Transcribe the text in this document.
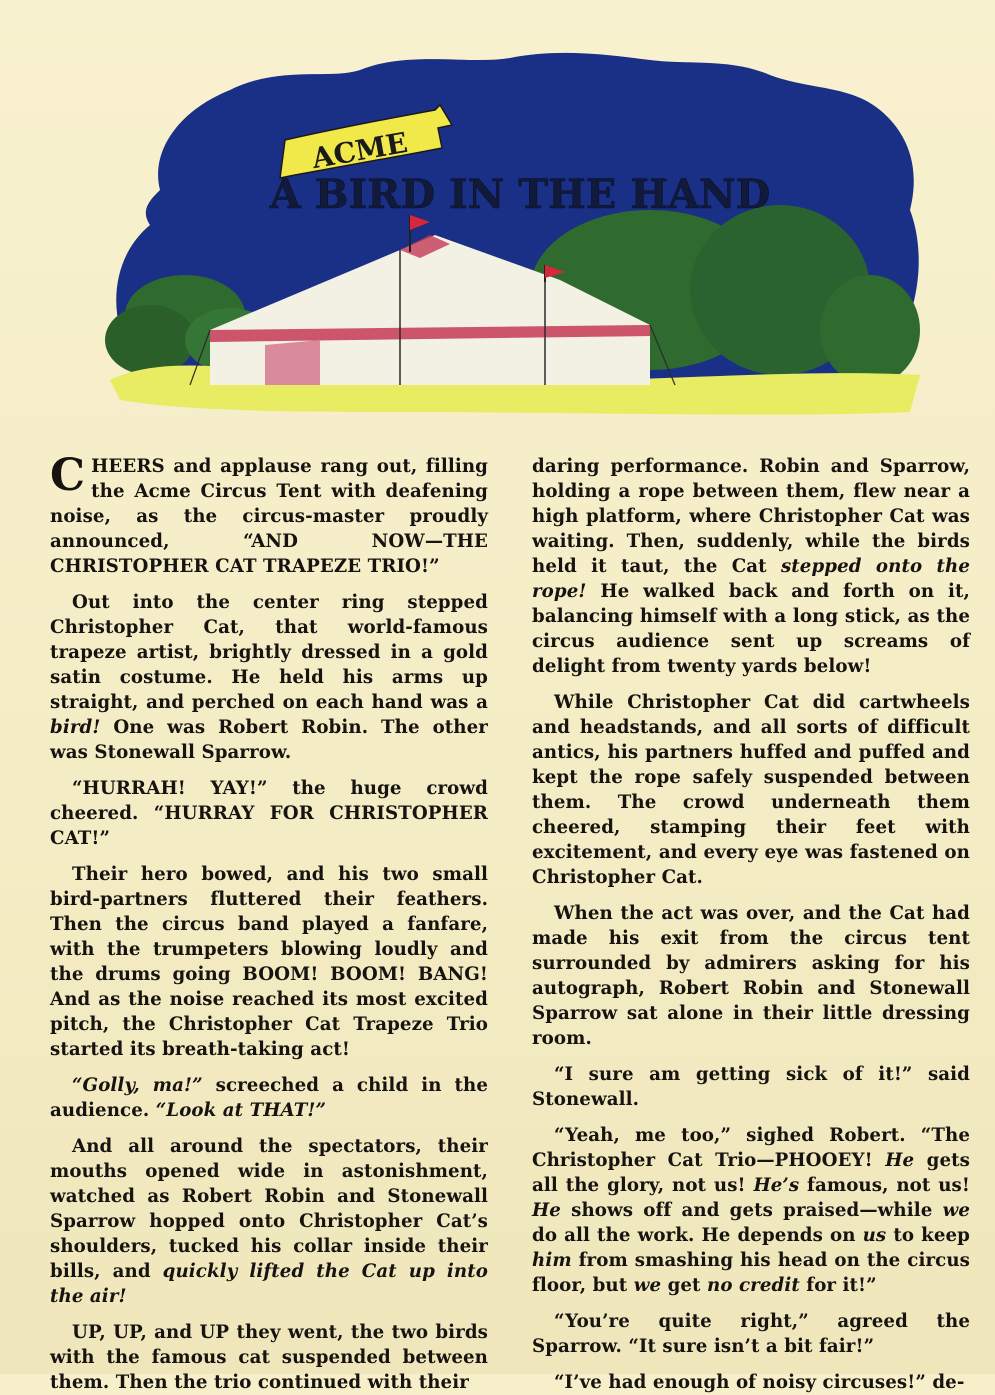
ACME
A BIRD IN THE HAND

CHEERS and applause rang out, filling the Acme Circus Tent with deafening noise, as the circus-master proudly announced, “AND NOW—THE CHRISTOPHER CAT TRAPEZE TRIO!”

Out into the center ring stepped Christopher Cat, that world-famous trapeze artist, brightly dressed in a gold satin costume. He held his arms up straight, and perched on each hand was a bird! One was Robert Robin. The other was Stonewall Sparrow.

“HURRAH! YAY!” the huge crowd cheered. “HURRAY FOR CHRISTOPHER CAT!”

Their hero bowed, and his two small bird-partners fluttered their feathers. Then the circus band played a fanfare, with the trumpeters blowing loudly and the drums going BOOM! BOOM! BANG! And as the noise reached its most excited pitch, the Christopher Cat Trapeze Trio started its breath-taking act!

“Golly, ma!” screeched a child in the audience. “Look at THAT!”

And all around the spectators, their mouths opened wide in astonishment, watched as Robert Robin and Stonewall Sparrow hopped onto Christopher Cat’s shoulders, tucked his collar inside their bills, and quickly lifted the Cat up into the air!

UP, UP, and UP they went, the two birds with the famous cat suspended between them. Then the trio continued with their

daring performance. Robin and Sparrow, holding a rope between them, flew near a high platform, where Christopher Cat was waiting. Then, suddenly, while the birds held it taut, the Cat stepped onto the rope! He walked back and forth on it, balancing himself with a long stick, as the circus audience sent up screams of delight from twenty yards below!

While Christopher Cat did cartwheels and headstands, and all sorts of difficult antics, his partners huffed and puffed and kept the rope safely suspended between them. The crowd underneath them cheered, stamping their feet with excitement, and every eye was fastened on Christopher Cat.

When the act was over, and the Cat had made his exit from the circus tent surrounded by admirers asking for his autograph, Robert Robin and Stonewall Sparrow sat alone in their little dressing room.

“I sure am getting sick of it!” said Stonewall.

“Yeah, me too,” sighed Robert. “The Christopher Cat Trio—PHOOEY! He gets all the glory, not us! He’s famous, not us! He shows off and gets praised—while we do all the work. He depends on us to keep him from smashing his head on the circus floor, but we get no credit for it!”

“You’re quite right,” agreed the Sparrow. “It sure isn’t a bit fair!”

“I’ve had enough of noisy circuses!” de-
